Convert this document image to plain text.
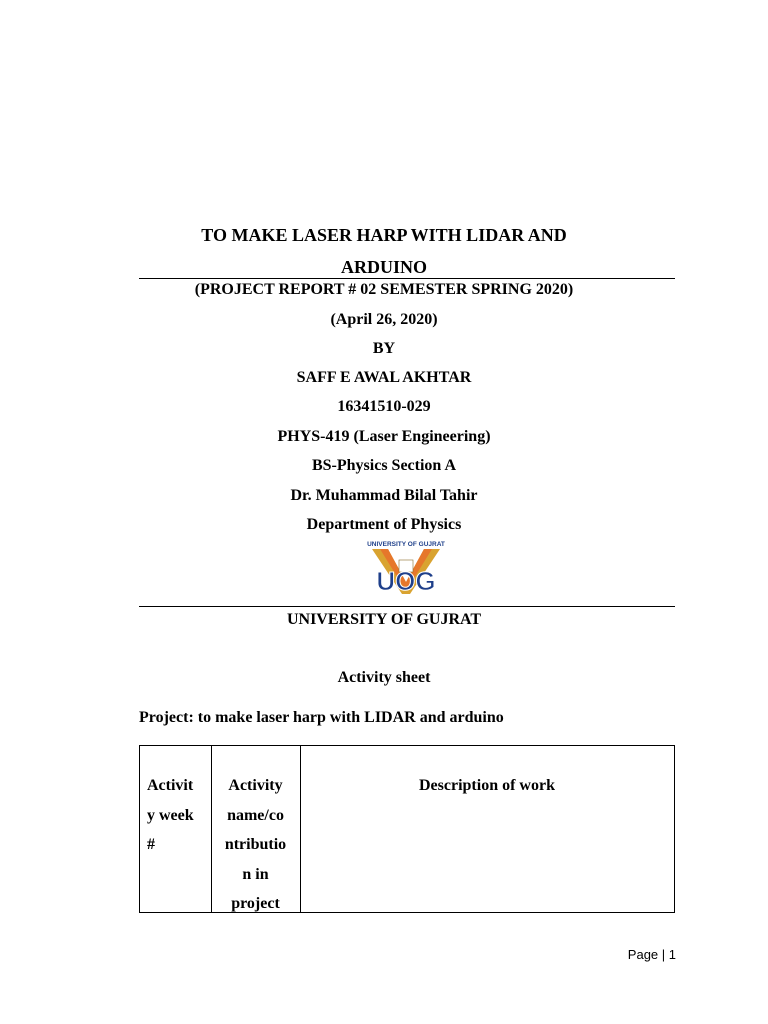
TO MAKE LASER HARP WITH LIDAR AND
ARDUINO
(PROJECT REPORT # 02 SEMESTER SPRING 2020)
(April 26, 2020)
BY
SAFF E AWAL AKHTAR
16341510-029
PHYS-419 (Laser Engineering)
BS-Physics Section A
Dr. Muhammad Bilal Tahir
Department of Physics
UNIVERSITY OF GUJRAT
UOG
UNIVERSITY OF GUJRAT
Activity sheet
Project: to make laser harp with LIDAR and arduino
Activit
y week
#
Activity
name/co
ntributio
n in
project
Description of work
Page | 1
